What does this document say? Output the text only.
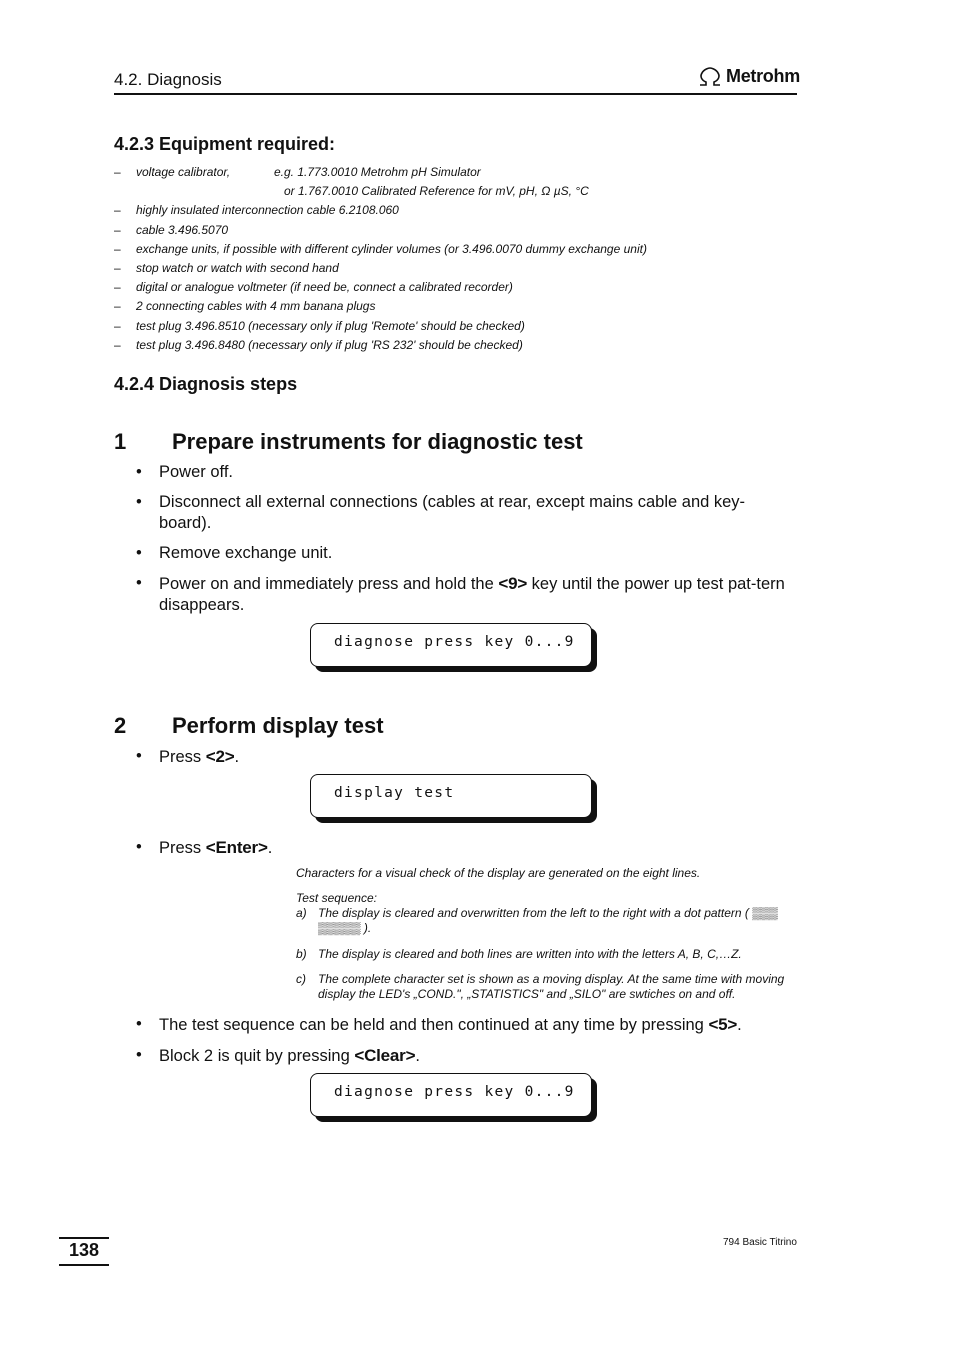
4.2. Diagnosis	Metrohm
4.2.3 Equipment required:
– voltage calibrator,	e.g. 1.773.0010 Metrohm pH Simulator
or 1.767.0010 Calibrated Reference for mV, pH, Ω µS, °C
– highly insulated interconnection cable 6.2108.060
– cable 3.496.5070
– exchange units, if possible with different cylinder volumes (or 3.496.0070 dummy exchange unit)
– stop watch or watch with second hand
– digital or analogue voltmeter (if need be, connect a calibrated recorder)
– 2 connecting cables with 4 mm banana plugs
– test plug 3.496.8510 (necessary only if plug 'Remote' should be checked)
– test plug 3.496.8480 (necessary only if plug 'RS 232' should be checked)
4.2.4 Diagnosis steps
1 Prepare instruments for diagnostic test
• Power off.
• Disconnect all external connections (cables at rear, except mains cable and key-board).
• Remove exchange unit.
• Power on and immediately press and hold the <9> key until the power up test pat-tern disappears.
diagnose press key 0...9
2 Perform display test
• Press <2>.
display test
• Press <Enter>.
Characters for a visual check of the display are generated on the eight lines.
Test sequence:
a) The display is cleared and overwritten from the left to the right with a dot pattern ( ▒▒▒ ▒▒▒▒▒ ).
b) The display is cleared and both lines are written into with the letters A, B, C,…Z.
c) The complete character set is shown as a moving display. At the same time with moving display the LED's „COND.", „STATISTICS" and „SILO" are swtiches on and off.
• The test sequence can be held and then continued at any time by pressing <5>.
• Block 2 is quit by pressing <Clear>.
diagnose press key 0...9
138	794 Basic Titrino
